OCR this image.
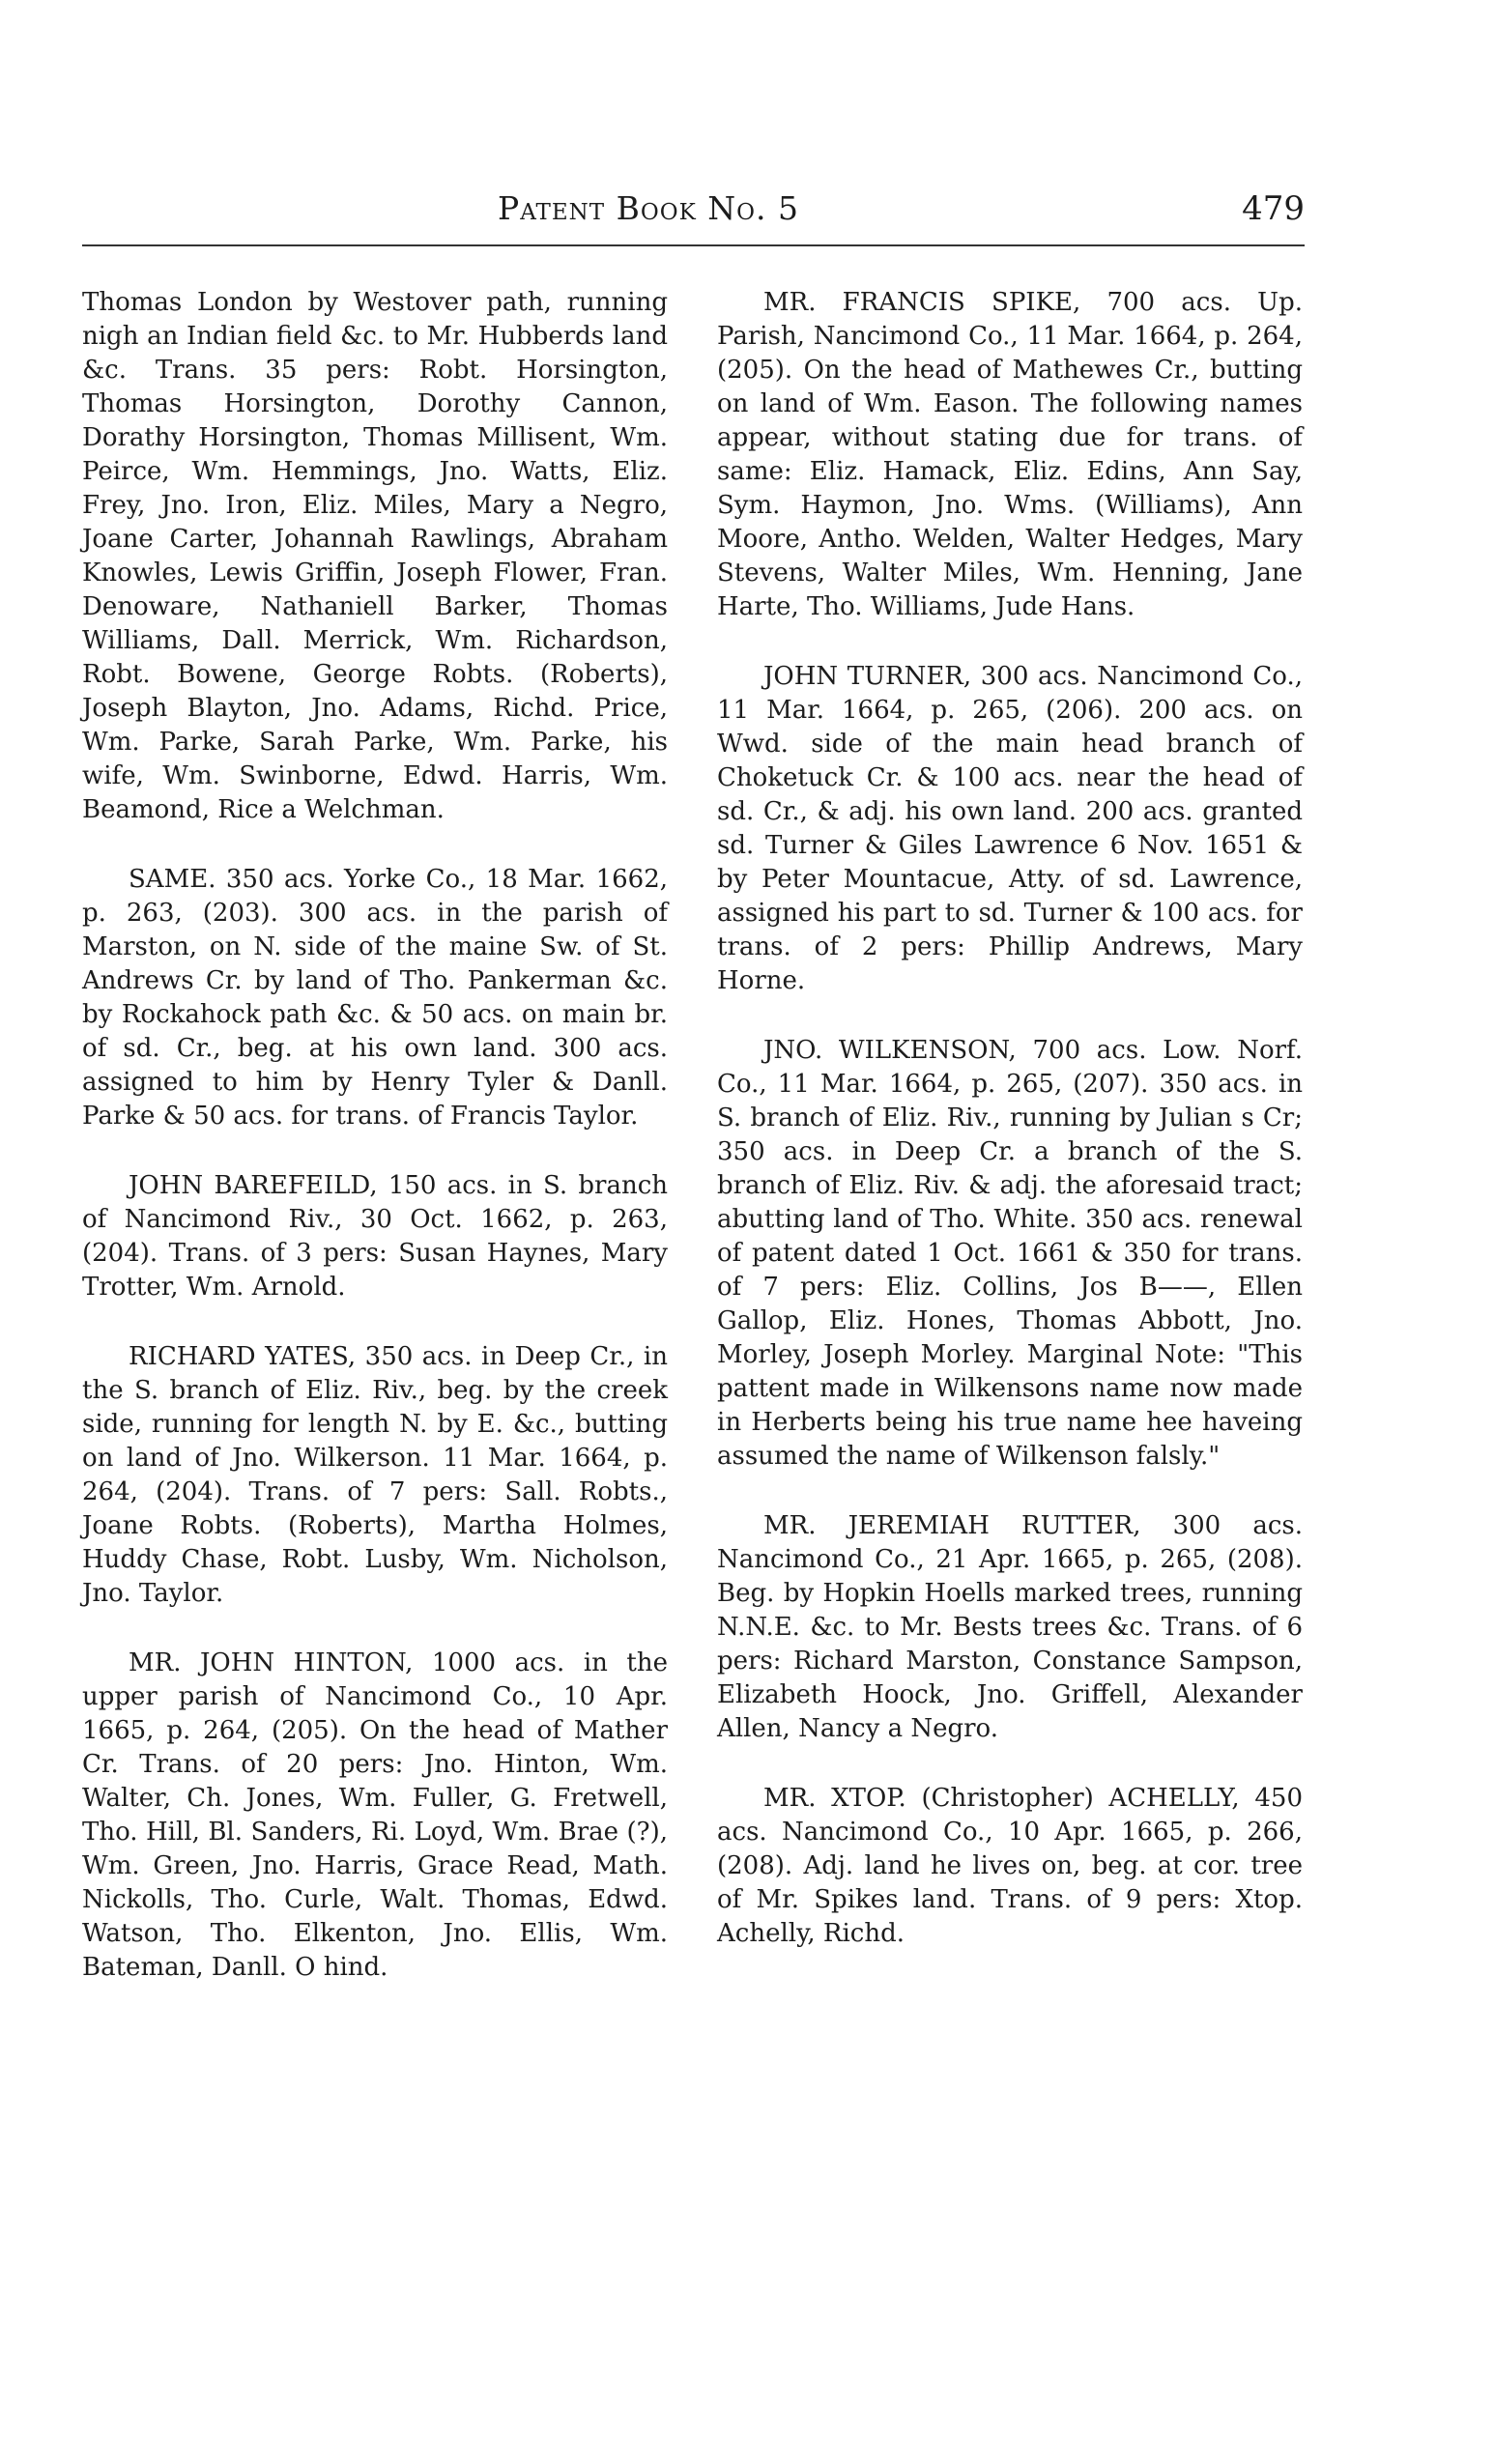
Patent Book No. 5	479

Thomas London by Westover path, running nigh an Indian field &c. to Mr. Hubberds land &c. Trans. 35 pers: Robt. Horsington, Thomas Horsington, Dorothy Cannon, Dorathy Horsington, Thomas Millisent, Wm. Peirce, Wm. Hemmings, Jno. Watts, Eliz. Frey, Jno. Iron, Eliz. Miles, Mary a Negro, Joane Carter, Johannah Rawlings, Abraham Knowles, Lewis Griffin, Joseph Flower, Fran. Denoware, Nathaniell Barker, Thomas Williams, Dall. Merrick, Wm. Richardson, Robt. Bowene, George Robts. (Roberts), Joseph Blayton, Jno. Adams, Richd. Price, Wm. Parke, Sarah Parke, Wm. Parke, his wife, Wm. Swinborne, Edwd. Harris, Wm. Beamond, Rice a Welchman.

SAME. 350 acs. Yorke Co., 18 Mar. 1662, p. 263, (203). 300 acs. in the parish of Marston, on N. side of the maine Sw. of St. Andrews Cr. by land of Tho. Pankerman &c. by Rockahock path &c. & 50 acs. on main br. of sd. Cr., beg. at his own land. 300 acs. assigned to him by Henry Tyler & Danll. Parke & 50 acs. for trans. of Francis Taylor.

JOHN BAREFEILD, 150 acs. in S. branch of Nancimond Riv., 30 Oct. 1662, p. 263, (204). Trans. of 3 pers: Susan Haynes, Mary Trotter, Wm. Arnold.

RICHARD YATES, 350 acs. in Deep Cr., in the S. branch of Eliz. Riv., beg. by the creek side, running for length N. by E. &c., butting on land of Jno. Wilkerson. 11 Mar. 1664, p. 264, (204). Trans. of 7 pers: Sall. Robts., Joane Robts. (Roberts), Martha Holmes, Huddy Chase, Robt. Lusby, Wm. Nicholson, Jno. Taylor.

MR. JOHN HINTON, 1000 acs. in the upper parish of Nancimond Co., 10 Apr. 1665, p. 264, (205). On the head of Mather Cr. Trans. of 20 pers: Jno. Hinton, Wm. Walter, Ch. Jones, Wm. Fuller, G. Fretwell, Tho. Hill, Bl. Sanders, Ri. Loyd, Wm. Brae (?), Wm. Green, Jno. Harris, Grace Read, Math. Nickolls, Tho. Curle, Walt. Thomas, Edwd. Watson, Tho. Elkenton, Jno. Ellis, Wm. Bateman, Danll. O hind.

MR. FRANCIS SPIKE, 700 acs. Up. Parish, Nancimond Co., 11 Mar. 1664, p. 264, (205). On the head of Mathewes Cr., butting on land of Wm. Eason. The following names appear, without stating due for trans. of same: Eliz. Hamack, Eliz. Edins, Ann Say, Sym. Haymon, Jno. Wms. (Williams), Ann Moore, Antho. Welden, Walter Hedges, Mary Stevens, Walter Miles, Wm. Henning, Jane Harte, Tho. Williams, Jude Hans.

JOHN TURNER, 300 acs. Nancimond Co., 11 Mar. 1664, p. 265, (206). 200 acs. on Wwd. side of the main head branch of Choketuck Cr. & 100 acs. near the head of sd. Cr., & adj. his own land. 200 acs. granted sd. Turner & Giles Lawrence 6 Nov. 1651 & by Peter Mountacue, Atty. of sd. Lawrence, assigned his part to sd. Turner & 100 acs. for trans. of 2 pers: Phillip Andrews, Mary Horne.

JNO. WILKENSON, 700 acs. Low. Norf. Co., 11 Mar. 1664, p. 265, (207). 350 acs. in S. branch of Eliz. Riv., running by Julian s Cr; 350 acs. in Deep Cr. a branch of the S. branch of Eliz. Riv. & adj. the aforesaid tract; abutting land of Tho. White. 350 acs. renewal of patent dated 1 Oct. 1661 & 350 for trans. of 7 pers: Eliz. Collins, Jos B——, Ellen Gallop, Eliz. Hones, Thomas Abbott, Jno. Morley, Joseph Morley. Marginal Note: "This pattent made in Wilkensons name now made in Herberts being his true name hee haveing assumed the name of Wilkenson falsly."

MR. JEREMIAH RUTTER, 300 acs. Nancimond Co., 21 Apr. 1665, p. 265, (208). Beg. by Hopkin Hoells marked trees, running N.N.E. &c. to Mr. Bests trees &c. Trans. of 6 pers: Richard Marston, Constance Sampson, Elizabeth Hoock, Jno. Griffell, Alexander Allen, Nancy a Negro.

MR. XTOP. (Christopher) ACHELLY, 450 acs. Nancimond Co., 10 Apr. 1665, p. 266, (208). Adj. land he lives on, beg. at cor. tree of Mr. Spikes land. Trans. of 9 pers: Xtop. Achelly, Richd.
